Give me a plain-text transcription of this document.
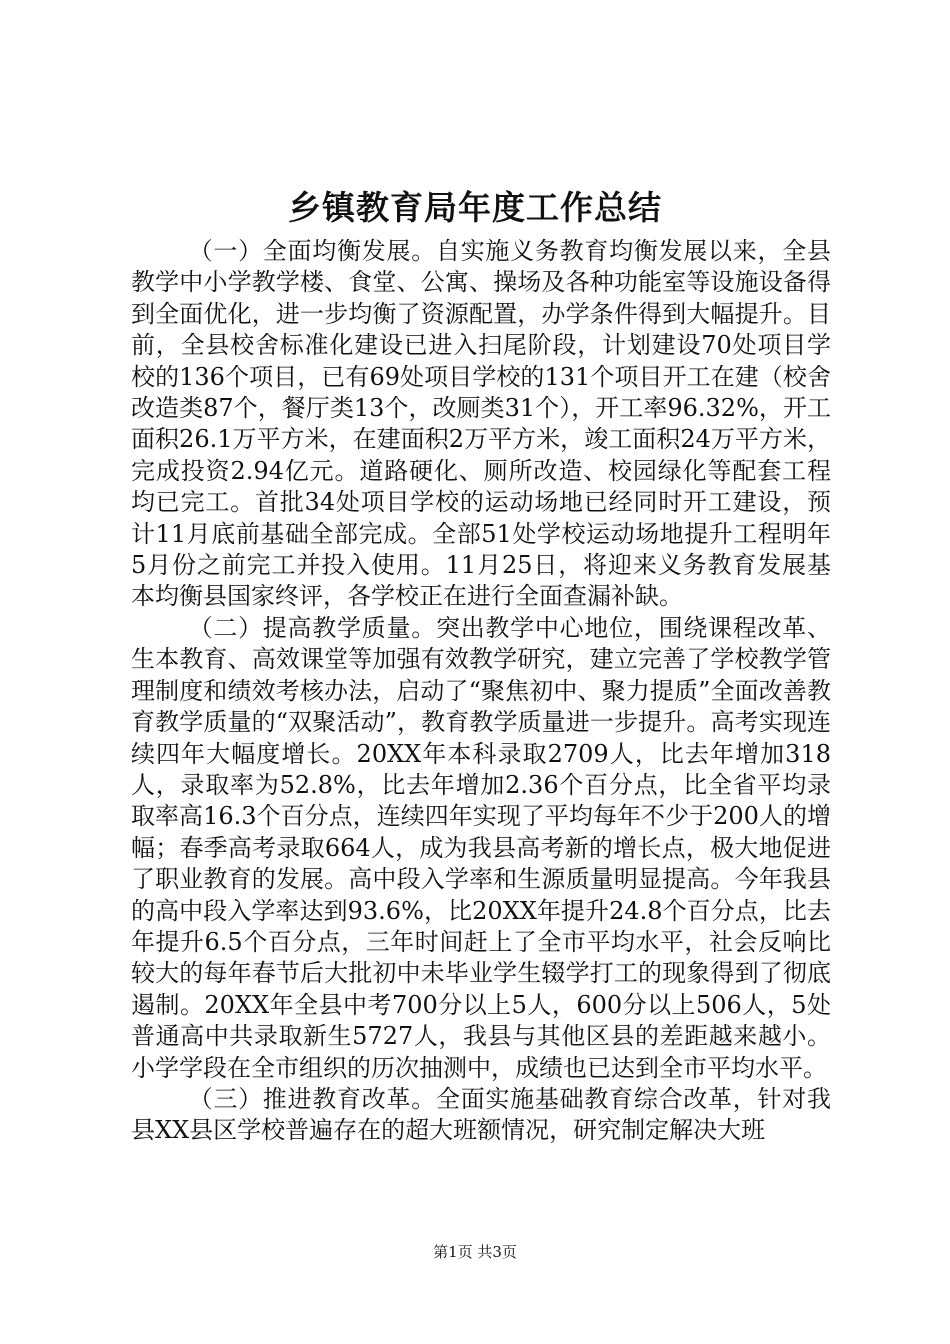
乡镇教育局年度工作总结

（一）全面均衡发展。自实施义务教育均衡发展以来，全县教学中小学教学楼、食堂、公寓、操场及各种功能室等设施设备得到全面优化，进一步均衡了资源配置，办学条件得到大幅提升。目前，全县校舍标准化建设已进入扫尾阶段，计划建设70处项目学校的136个项目，已有69处项目学校的131个项目开工在建（校舍改造类87个，餐厅类13个，改厕类31个），开工率96.32%，开工面积26.1万平方米，在建面积2万平方米，竣工面积24万平方米，完成投资2.94亿元。道路硬化、厕所改造、校园绿化等配套工程均已完工。首批34处项目学校的运动场地已经同时开工建设，预计11月底前基础全部完成。全部51处学校运动场地提升工程明年5月份之前完工并投入使用。11月25日，将迎来义务教育发展基本均衡县国家终评，各学校正在进行全面查漏补缺。

（二）提高教学质量。突出教学中心地位，围绕课程改革、生本教育、高效课堂等加强有效教学研究，建立完善了学校教学管理制度和绩效考核办法，启动了“聚焦初中、聚力提质”全面改善教育教学质量的“双聚活动”，教育教学质量进一步提升。高考实现连续四年大幅度增长。20XX年本科录取2709人，比去年增加318人，录取率为52.8%，比去年增加2.36个百分点，比全省平均录取率高16.3个百分点，连续四年实现了平均每年不少于200人的增幅；春季高考录取664人，成为我县高考新的增长点，极大地促进了职业教育的发展。高中段入学率和生源质量明显提高。今年我县的高中段入学率达到93.6%，比20XX年提升24.8个百分点，比去年提升6.5个百分点，三年时间赶上了全市平均水平，社会反响比较大的每年春节后大批初中未毕业学生辍学打工的现象得到了彻底遏制。20XX年全县中考700分以上5人，600分以上506人，5处普通高中共录取新生5727人，我县与其他区县的差距越来越小。小学学段在全市组织的历次抽测中，成绩也已达到全市平均水平。

（三）推进教育改革。全面实施基础教育综合改革，针对我县XX县区学校普遍存在的超大班额情况，研究制定解决大班

第1页 共3页
